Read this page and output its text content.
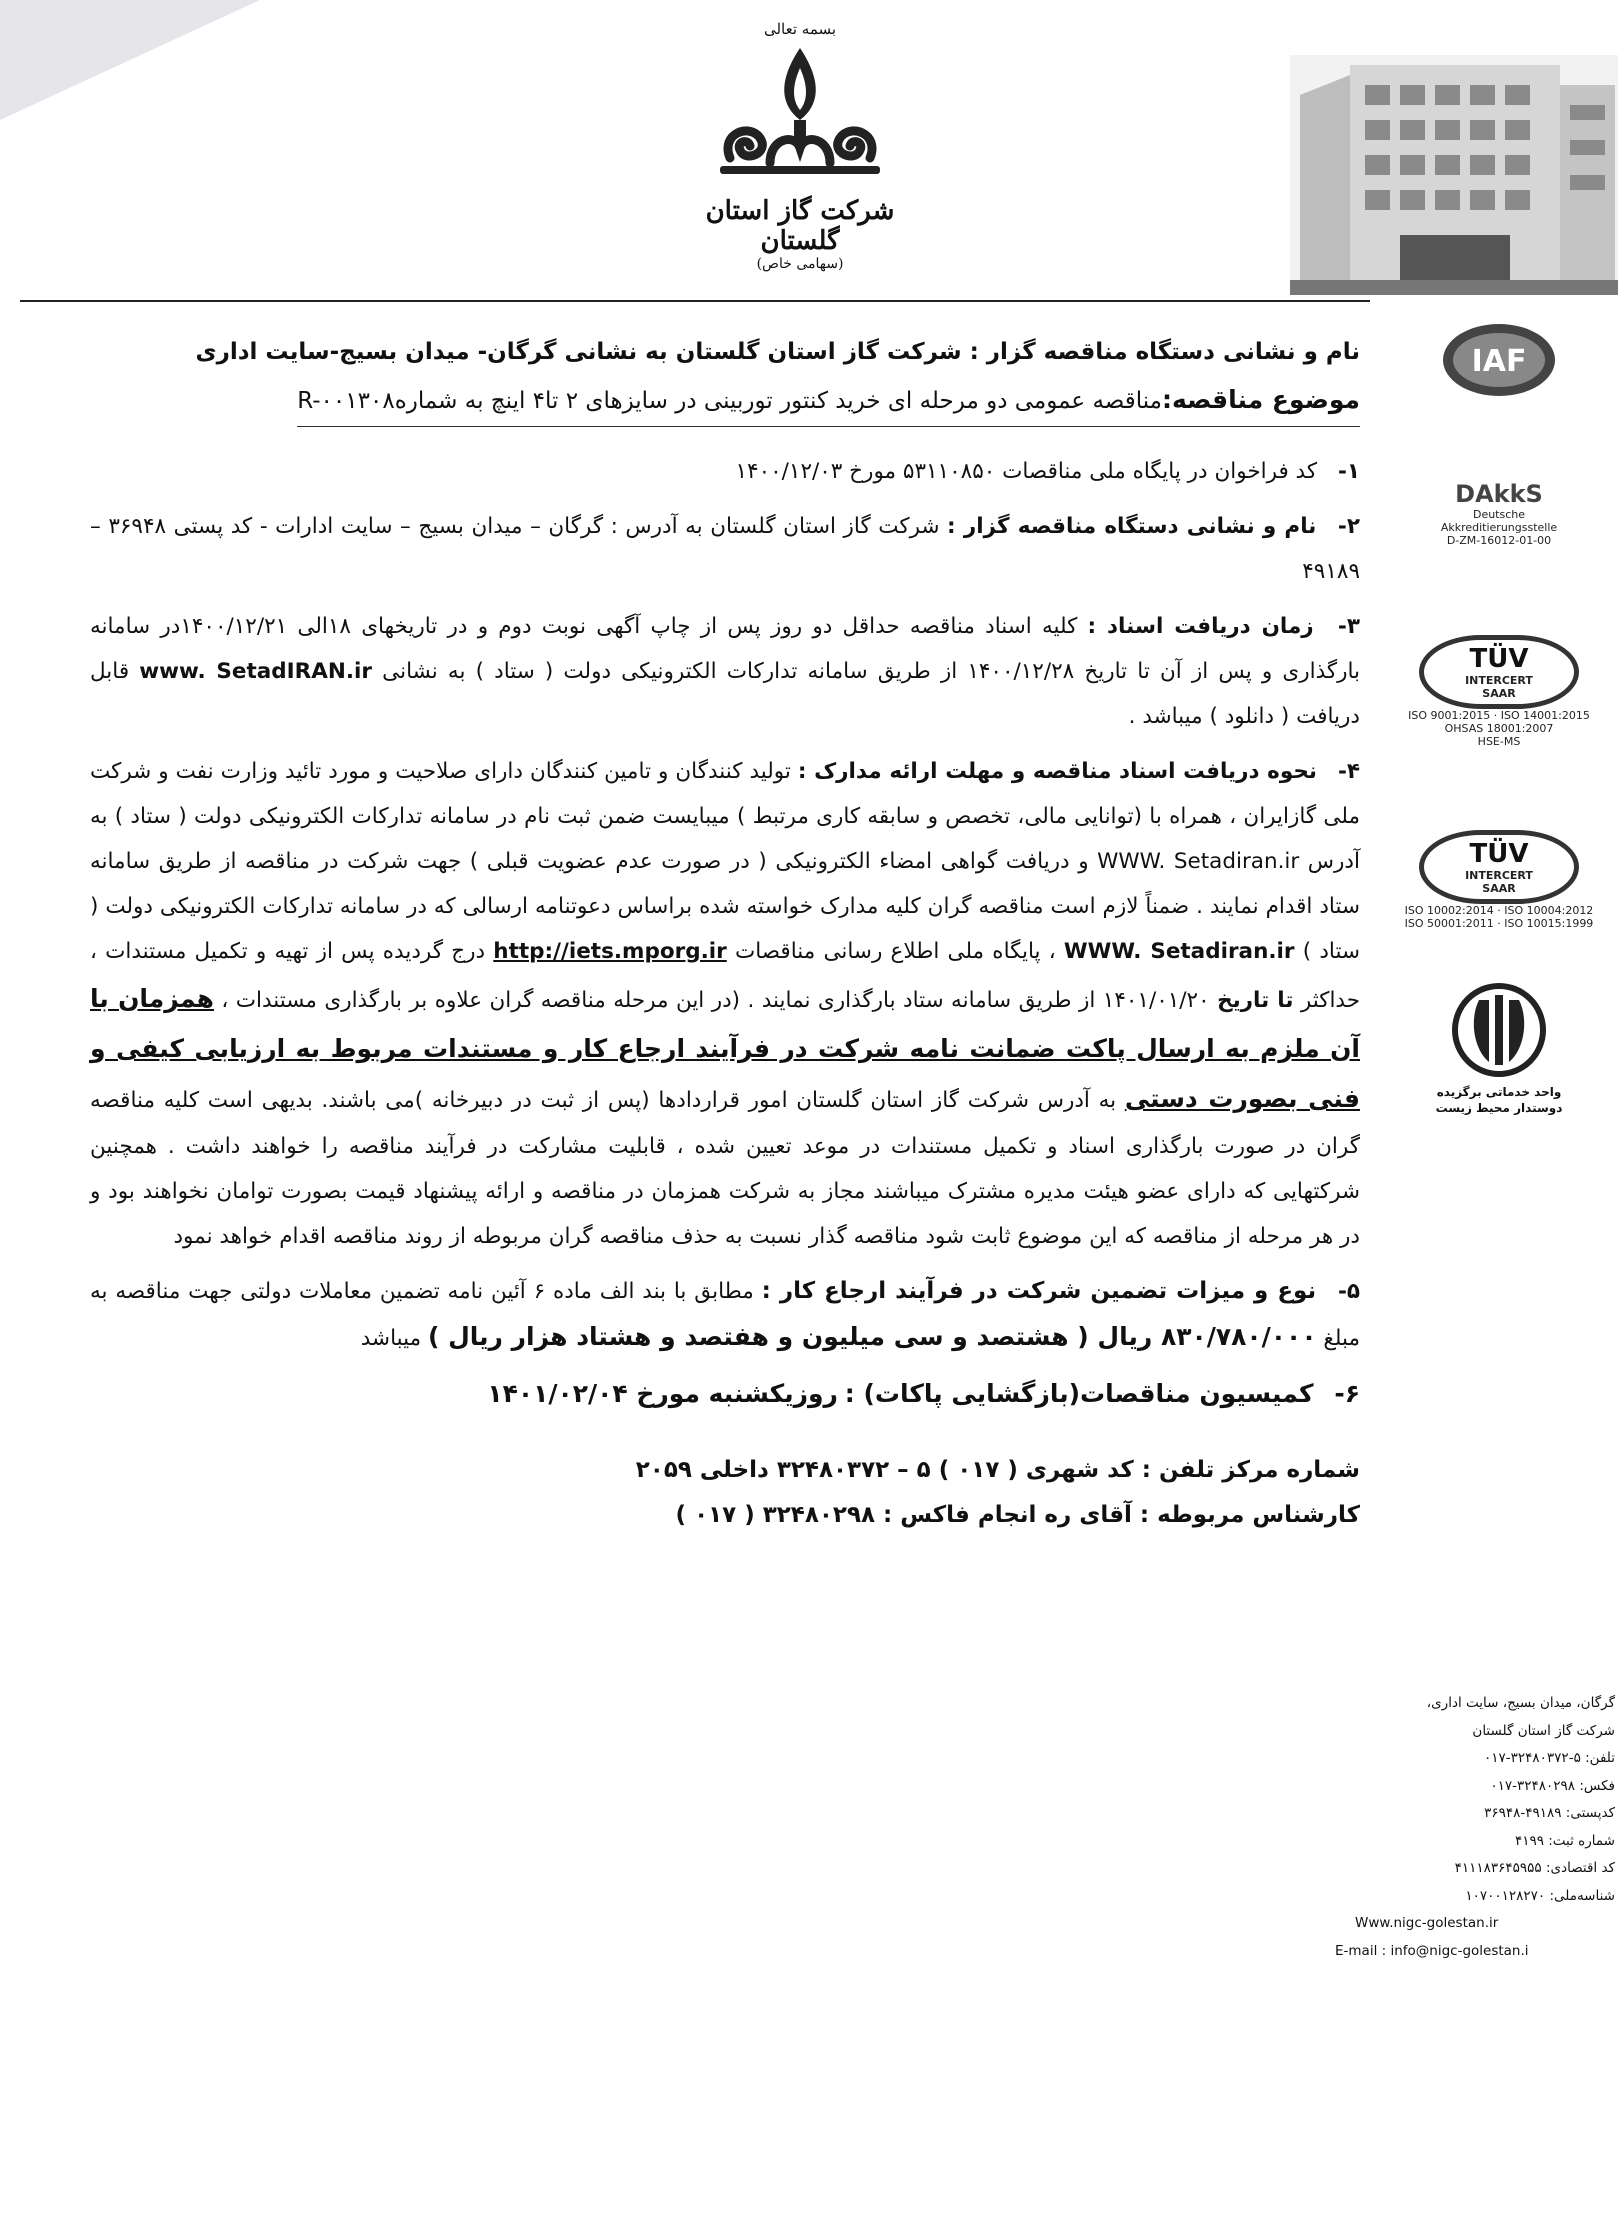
بسمه تعالی
شرکت گاز استان گلستان
(سهامی خاص)

نام و نشانی دستگاه مناقصه گزار : شرکت گاز استان گلستان به نشانی گرگان- میدان بسیج-سایت اداری

موضوع مناقصه:مناقصه عمومی دو مرحله ای خرید کنتور توربینی در سایزهای ۲ تا۴ اینچ به شماره‌R-۰۰۱۳۰۸

۱- کد فراخوان در پایگاه ملی مناقصات ۵۳۱۱۰۸۵۰ مورخ ۱۴۰۰/۱۲/۰۳

۲- نام و نشانی دستگاه مناقصه گزار : شرکت گاز استان گلستان به آدرس : گرگان – میدان بسیج – سایت ادارات - کد پستی ۳۶۹۴۸ – ۴۹۱۸۹

۳- زمان دریافت اسناد : کلیه اسناد مناقصه حداقل دو روز پس از چاپ آگهی نوبت دوم و در تاریخهای ۱۸الی ۱۴۰۰/۱۲/۲۱در سامانه بارگذاری و پس از آن تا تاریخ ۱۴۰۰/۱۲/۲۸ از طریق سامانه تدارکات الکترونیکی دولت ( ستاد ) به نشانی www. SetadIRAN.ir قابل دریافت ( دانلود ) میباشد .

۴- نحوه دریافت اسناد مناقصه و مهلت ارائه مدارک : تولید کنندگان و تامین کنندگان دارای صلاحیت و مورد تائید وزارت نفت و شرکت ملی گازایران ، همراه با (توانایی مالی، تخصص و سابقه کاری مرتبط ) میبایست ضمن ثبت نام در سامانه تدارکات الکترونیکی دولت ( ستاد ) به آدرس WWW. Setadiran.ir و دریافت گواهی امضاء الکترونیکی ( در صورت عدم عضویت قبلی ) جهت شرکت در مناقصه از طریق سامانه ستاد اقدام نمایند . ضمناً لازم است مناقصه گران کلیه مدارک خواسته شده براساس دعوتنامه ارسالی که در سامانه تدارکات الکترونیکی دولت ( ستاد ) WWW. Setadiran.ir ، پایگاه ملی اطلاع رسانی مناقصات http://iets.mporg.ir درج گردیده پس از تهیه و تکمیل مستندات ، حداکثر تا تاریخ ۱۴۰۱/۰۱/۲۰ از طریق سامانه ستاد بارگذاری نمایند . (در این مرحله مناقصه گران علاوه بر بارگذاری مستندات ، همزمان با آن ملزم به ارسال پاکت ضمانت نامه شرکت در فرآیند ارجاع کار و مستندات مربوط به ارزیابی کیفی و فنی بصورت دستی به آدرس شرکت گاز استان گلستان امور قراردادها (پس از ثبت در دبیرخانه )می باشند. بدیهی است کلیه مناقصه گران در صورت بارگذاری اسناد و تکمیل مستندات در موعد تعیین شده ، قابلیت مشارکت در فرآیند مناقصه را خواهند داشت . همچنین شرکتهایی که دارای عضو هیئت مدیره مشترک میباشند مجاز به شرکت همزمان در مناقصه و ارائه پیشنهاد قیمت بصورت توامان نخواهند بود و در هر مرحله از مناقصه که این موضوع ثابت شود مناقصه گذار نسبت به حذف مناقصه گران مربوطه از روند مناقصه اقدام خواهد نمود

۵- نوع و میزات تضمین شرکت در فرآیند ارجاع کار : مطابق با بند الف ماده ۶ آئین نامه تضمین معاملات دولتی جهت مناقصه به مبلغ ۸۳۰/۷۸۰/۰۰۰ ریال ( هشتصد و سی میلیون و هفتصد و هشتاد هزار ریال ) میباشد

۶- کمیسیون مناقصات(بازگشایی پاکات) : روزیکشنبه مورخ ۱۴۰۱/۰۲/۰۴

شماره مرکز تلفن : کد شهری ( ۰۱۷ ) ۵ – ۳۲۴۸۰۳۷۲ داخلی ۲۰۵۹

کارشناس مربوطه : آقای ره انجام فاکس : ۳۲۴۸۰۲۹۸ ( ۰۱۷ )

IAF
DAkkS
Deutsche
Akkreditierungsstelle
D-ZM-16012-01-00
TÜV
INTERCERT
SAAR
ISO 9001:2015 · ISO 14001:2015
OHSAS 18001:2007
HSE-MS
TÜV
INTERCERT
SAAR
ISO 10002:2014 · ISO 10004:2012
ISO 50001:2011 · ISO 10015:1999
واحد خدماتی برگزیده
دوستدار محیط زیست
گرگان، میدان بسیج، سایت اداری،
شرکت گاز استان گلستان
تلفن: ۵-۳۲۴۸۰۳۷۲-۰۱۷
فکس: ۳۲۴۸۰۲۹۸-۰۱۷
کدپستی: ۴۹۱۸۹-۳۶۹۴۸
شماره ثبت: ۴۱۹۹
کد اقتصادی: ۴۱۱۱۸۳۶۴۵۹۵۵
شناسه‌ملی: ۱۰۷۰۰۱۲۸۲۷۰
Www.nigc-golestan.ir
E-mail : info@nigc-golestan.i
